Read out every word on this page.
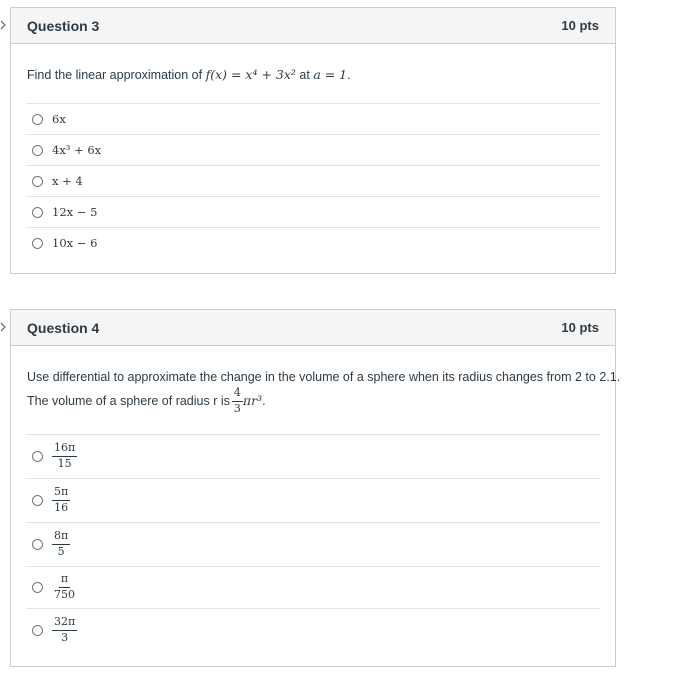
Question 3	10 pts
Find the linear approximation of f(x) = x⁴ + 3x² at a = 1.
6x
4x³ + 6x
x + 4
12x − 5
10x − 6
Question 4	10 pts
Use differential to approximate the change in the volume of a sphere when its radius changes from 2 to 2.1.
The volume of a sphere of radius r is $\frac{4}{3} \pi r^3$ .
$\frac{16\pi}{15}$
$\frac{5\pi}{16}$
$\frac{8\pi}{5}$
$\frac{\pi}{750}$
$\frac{32\pi}{3}$
